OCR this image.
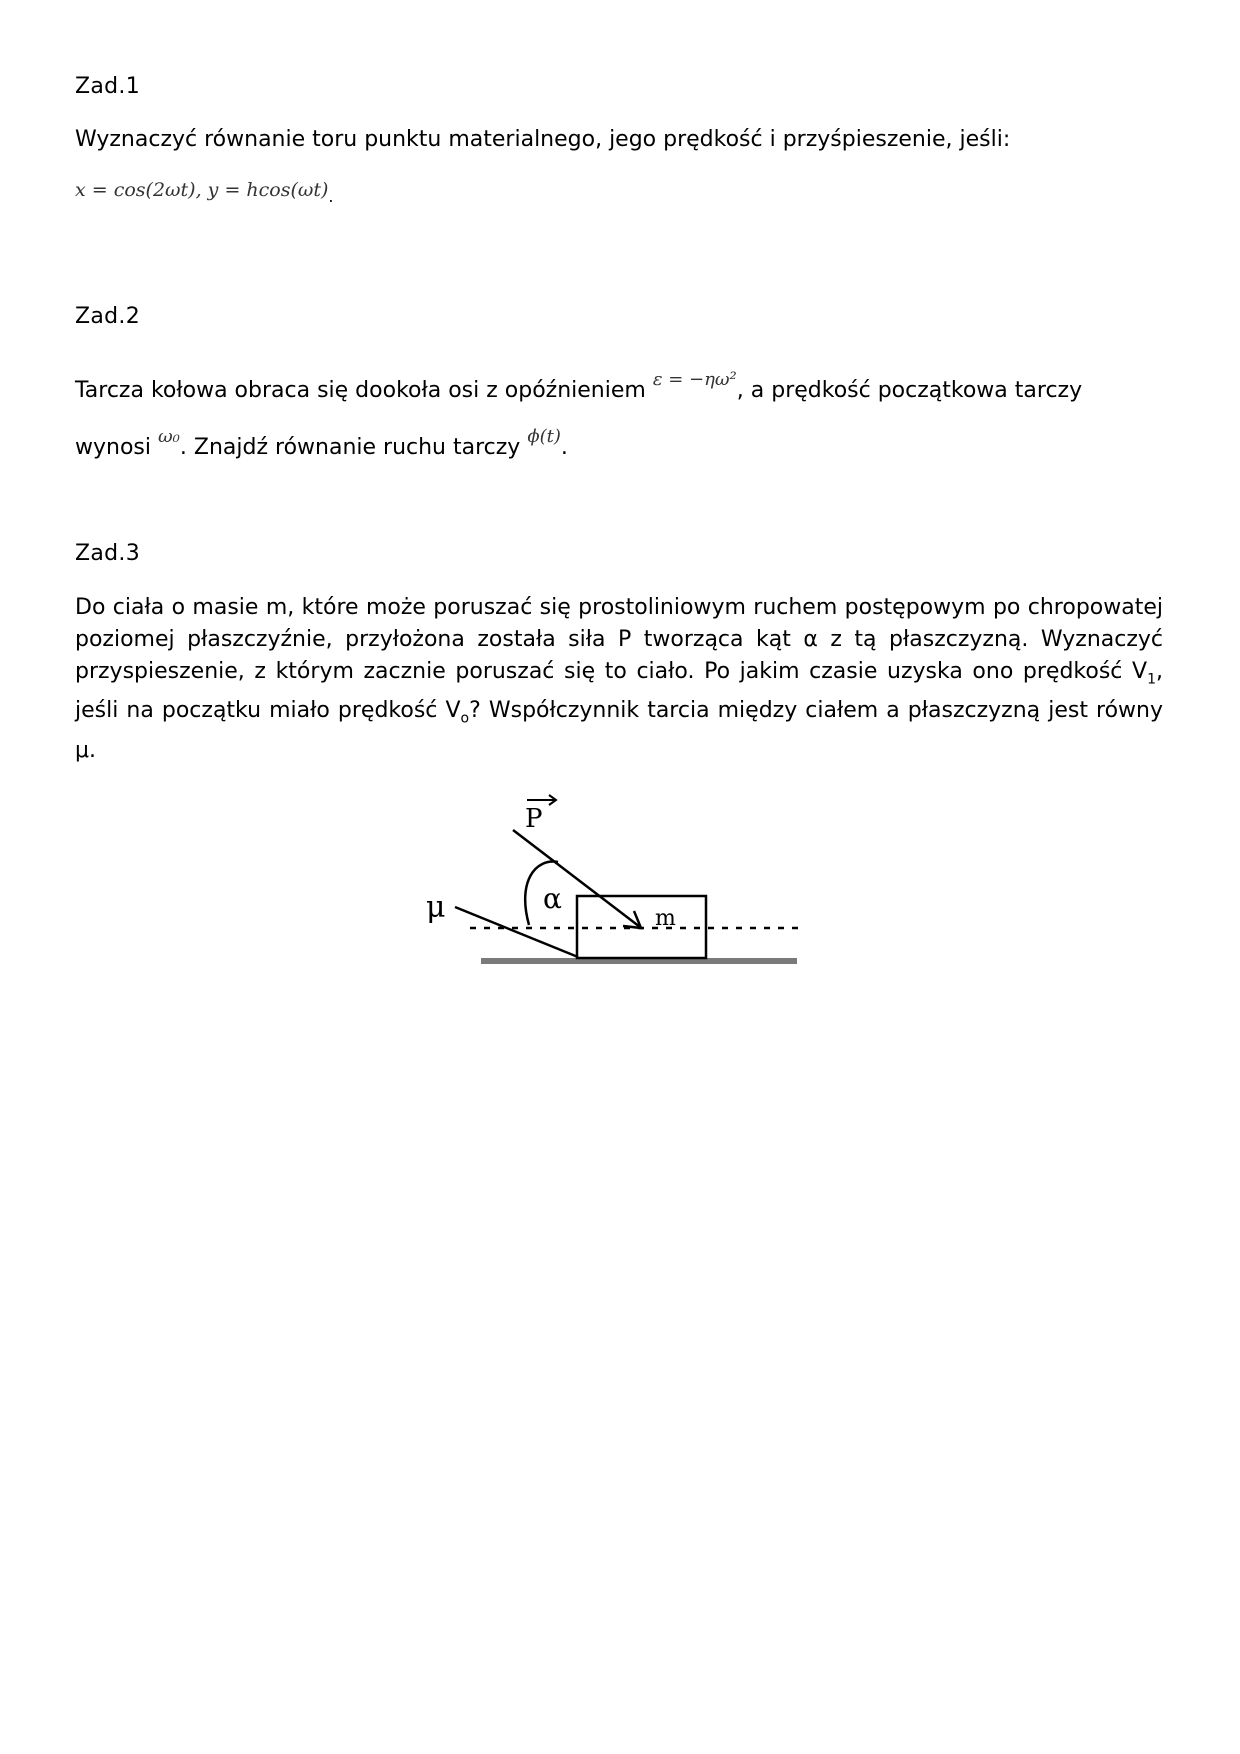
Zad.1
Wyznaczyć równanie toru punktu materialnego, jego prędkość i przyśpieszenie, jeśli:
x = cos(2ωt), $y = hcos(\omega t)_.$
Zad.2
Tarcza kołowa obraca się dookoła osi z opóźnieniem $^{\varepsilon = -\eta\omega^2}$, a prędkość początkowa tarczy
wynosi $^{\omega_0}$. Znajdź równanie ruchu tarczy $^{\phi(t)}$.
Zad.3
Do ciała o masie m, które może poruszać się prostoliniowym ruchem postępowym po chropowatej poziomej płaszczyźnie, przyłożona została siła P tworząca kąt α z tą płaszczyzną. Wyznaczyć przyspieszenie, z którym zacznie poruszać się to ciało. Po jakim czasie uzyska ono prędkość $V_1$, jeśli na początku miało prędkość $V_o$? Współczynnik tarcia między ciałem a płaszczyzną jest równy μ.
P
α
m
μ
